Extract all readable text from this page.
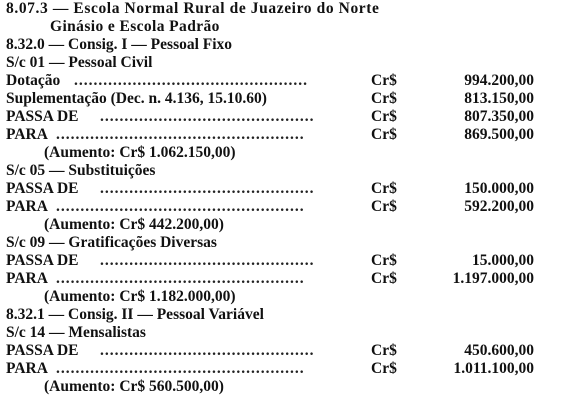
8.07.3 — Escola Normal Rural de Juazeiro do Norte
Ginásio e Escola Padrão
8.32.0 — Consig. I — Pessoal Fixo
S/c 01 — Pessoal Civil
Dotação ................................................	Cr$	994.200,00
Suplementação (Dec. n. 4.136, 15.10.60)	Cr$	813.150,00
PASSA DE ............................................	Cr$	807.350,00
PARA ...................................................	Cr$	869.500,00
(Aumento: Cr$ 1.062.150,00)
S/c 05 — Substituições
PASSA DE ............................................	Cr$	150.000,00
PARA ...................................................	Cr$	592.200,00
(Aumento: Cr$ 442.200,00)
S/c 09 — Gratificações Diversas
PASSA DE ............................................	Cr$	15.000,00
PARA ...................................................	Cr$	1.197.000,00
(Aumento: Cr$ 1.182.000,00)
8.32.1 — Consig. II — Pessoal Variável
S/c 14 — Mensalistas
PASSA DE ............................................	Cr$	450.600,00
PARA ...................................................	Cr$	1.011.100,00
(Aumento: Cr$ 560.500,00)
